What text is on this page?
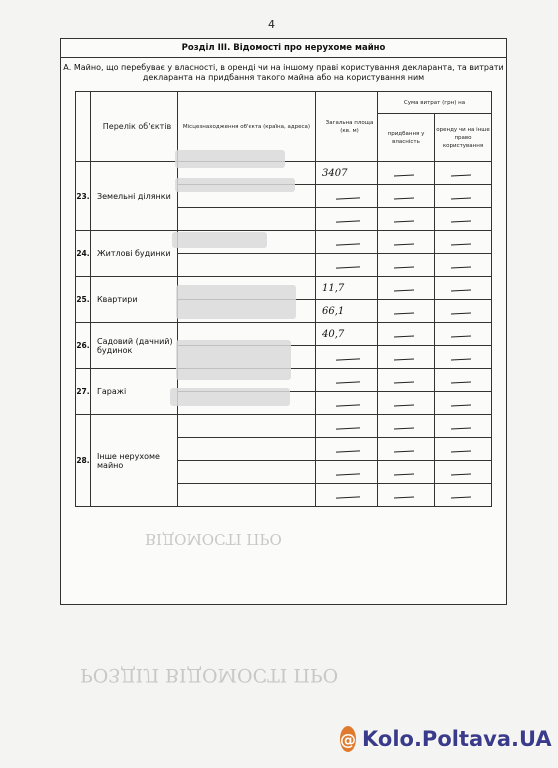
4
Розділ ІІІ. Відомості про нерухоме майно
А. Майно, що перебуває у власності, в оренді чи на іншому праві користування декларанта, та витрати декларанта на придбання такого майна або на користування ним
	Перелік об'єктів	Місцезнаходження об'єкта (країна, адреса)	Загальна площа (кв. м)	Сума витрат (грн) на	
				придбання у власність	оренду чи на інше право користування
23.	Земельні ділянки		3407		

24.	Житлові будинки				

25.	Квартири		11,7		
			66,1		
26.	Садовий (дачний) будинок		40,7		

27.	Гаражі				

28.	Інше нерухоме майно				

ВІДОМОСТІ ПРО
РОЗДІЛ ВІДОМОСТІ ПРО
@ Kolo.Poltava.UA
